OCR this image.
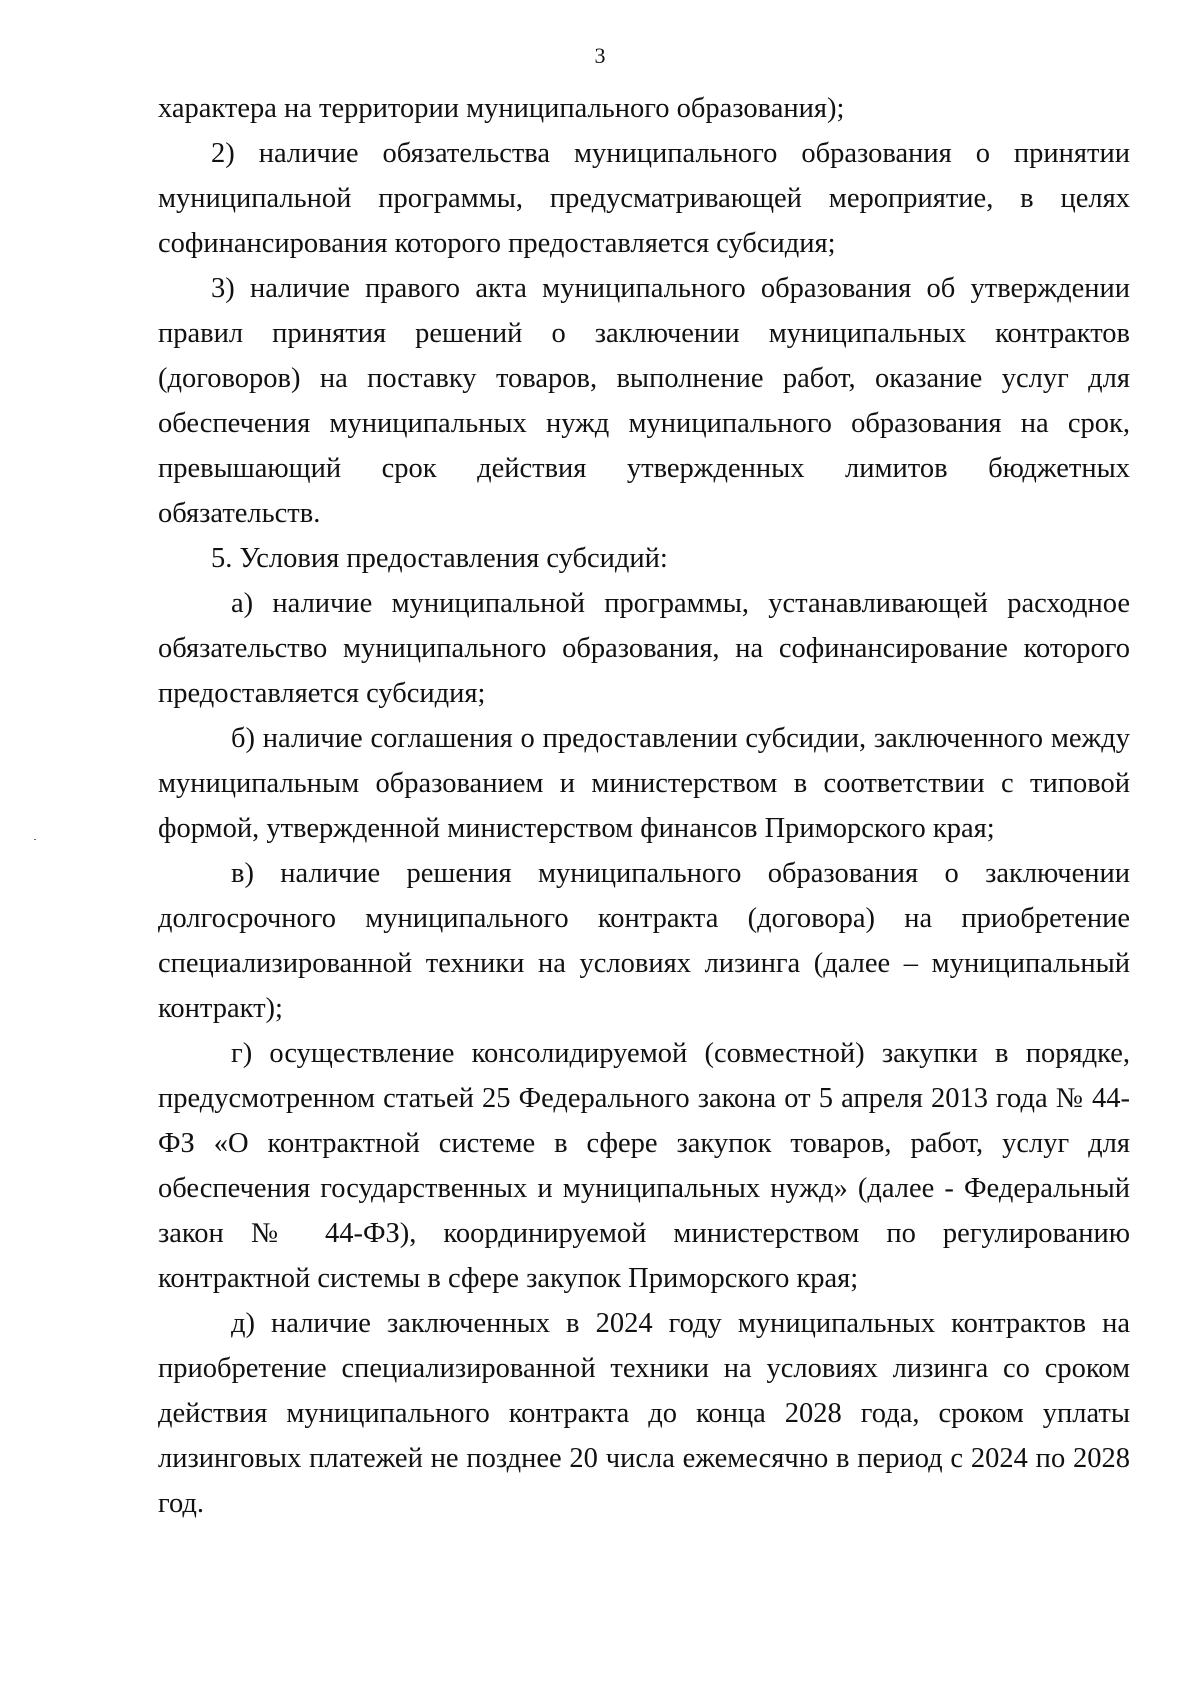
3

характера на территории муниципального образования);

2) наличие обязательства муниципального образования о принятии муниципальной программы, предусматривающей мероприятие, в целях софинансирования которого предоставляется субсидия;

3) наличие правого акта муниципального образования об утверждении правил принятия решений о заключении муниципальных контрактов (договоров) на поставку товаров, выполнение работ, оказание услуг для обеспечения муниципальных нужд муниципального образования на срок, превышающий срок действия утвержденных лимитов бюджетных обязательств.

5. Условия предоставления субсидий:

а) наличие муниципальной программы, устанавливающей расходное обязательство муниципального образования, на софинансирование которого предоставляется субсидия;

б) наличие соглашения о предоставлении субсидии, заключенного между муниципальным образованием и министерством в соответствии с типовой формой, утвержденной министерством финансов Приморского края;

в) наличие решения муниципального образования о заключении долгосрочного муниципального контракта (договора) на приобретение специализированной техники на условиях лизинга (далее – муниципальный контракт);

г) осуществление консолидируемой (совместной) закупки в порядке, предусмотренном статьей 25 Федерального закона от 5 апреля 2013 года № 44-ФЗ «О контрактной системе в сфере закупок товаров, работ, услуг для обеспечения государственных и муниципальных нужд» (далее - Федеральный закон № 44-ФЗ), координируемой министерством по регулированию контрактной системы в сфере закупок Приморского края;

д) наличие заключенных в 2024 году муниципальных контрактов на приобретение специализированной техники на условиях лизинга со сроком действия муниципального контракта до конца 2028 года, сроком уплаты лизинговых платежей не позднее 20 числа ежемесячно в период с 2024 по 2028 год.
